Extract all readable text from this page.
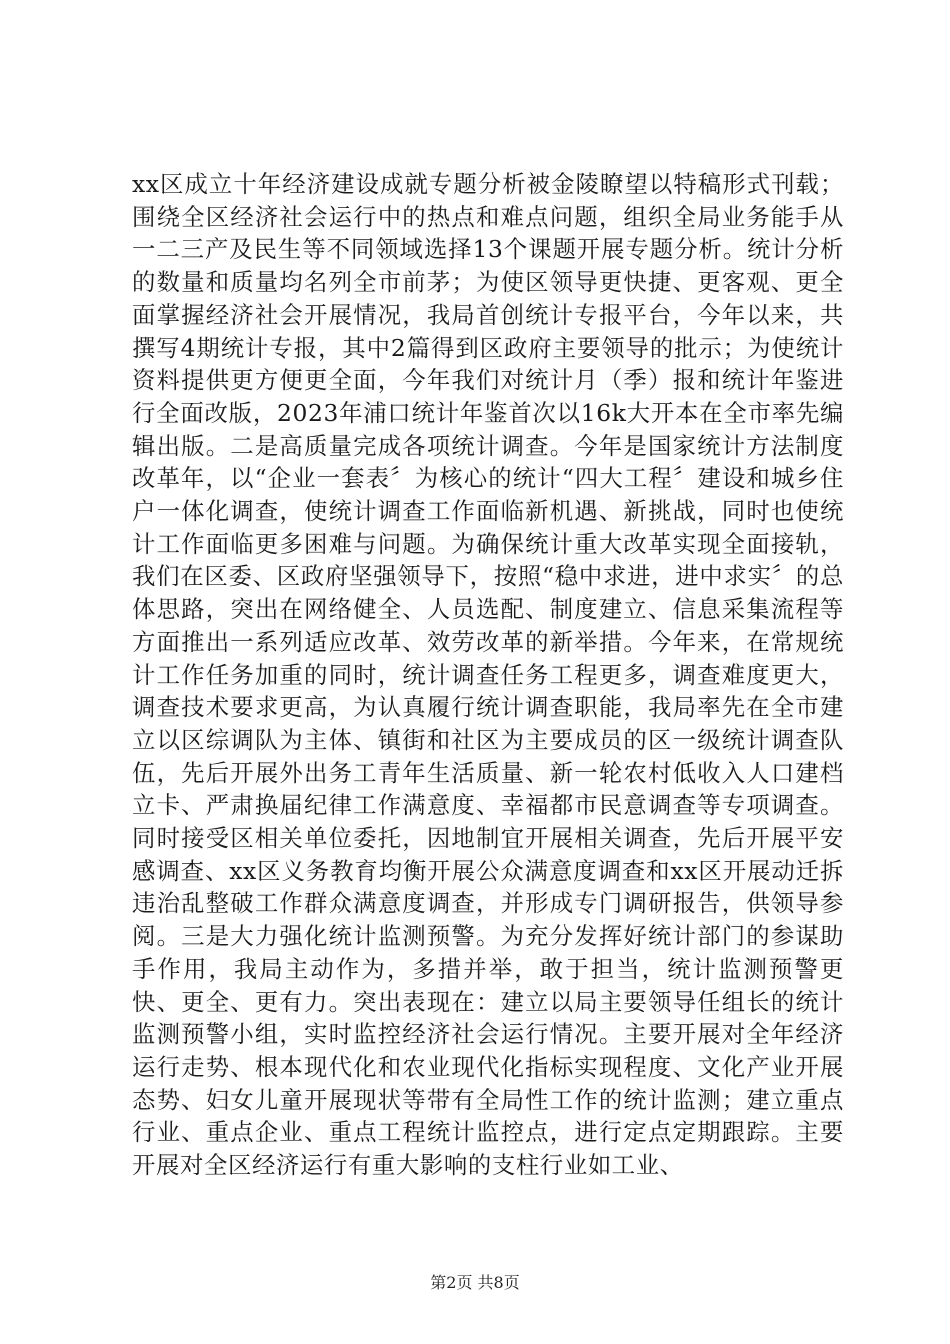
xx区成立十年经济建设成就专题分析被金陵瞭望以特稿形式刊载；围绕全区经济社会运行中的热点和难点问题，组织全局业务能手从一二三产及民生等不同领域选择13个课题开展专题分析。统计分析的数量和质量均名列全市前茅；为使区领导更快捷、更客观、更全面掌握经济社会开展情况，我局首创统计专报平台，今年以来，共撰写4期统计专报，其中2篇得到区政府主要领导的批示；为使统计资料提供更方便更全面，今年我们对统计月（季）报和统计年鉴进行全面改版，2023年浦口统计年鉴首次以16k大开本在全市率先编辑出版。二是高质量完成各项统计调查。今年是国家统计方法制度改革年，以“企业一套表〞为核心的统计“四大工程〞建设和城乡住户一体化调查，使统计调查工作面临新机遇、新挑战，同时也使统计工作面临更多困难与问题。为确保统计重大改革实现全面接轨，我们在区委、区政府坚强领导下，按照“稳中求进，进中求实〞的总体思路，突出在网络健全、人员选配、制度建立、信息采集流程等方面推出一系列适应改革、效劳改革的新举措。今年来，在常规统计工作任务加重的同时，统计调查任务工程更多，调查难度更大，调查技术要求更高，为认真履行统计调查职能，我局率先在全市建立以区综调队为主体、镇街和社区为主要成员的区一级统计调查队伍，先后开展外出务工青年生活质量、新一轮农村低收入人口建档立卡、严肃换届纪律工作满意度、幸福都市民意调查等专项调查。同时接受区相关单位委托，因地制宜开展相关调查，先后开展平安感调查、xx区义务教育均衡开展公众满意度调查和xx区开展动迁拆违治乱整破工作群众满意度调查，并形成专门调研报告，供领导参阅。三是大力强化统计监测预警。为充分发挥好统计部门的参谋助手作用，我局主动作为，多措并举，敢于担当，统计监测预警更快、更全、更有力。突出表现在：建立以局主要领导任组长的统计监测预警小组，实时监控经济社会运行情况。主要开展对全年经济运行走势、根本现代化和农业现代化指标实现程度、文化产业开展态势、妇女儿童开展现状等带有全局性工作的统计监测；建立重点行业、重点企业、重点工程统计监控点，进行定点定期跟踪。主要开展对全区经济运行有重大影响的支柱行业如工业、

第2页 共8页
